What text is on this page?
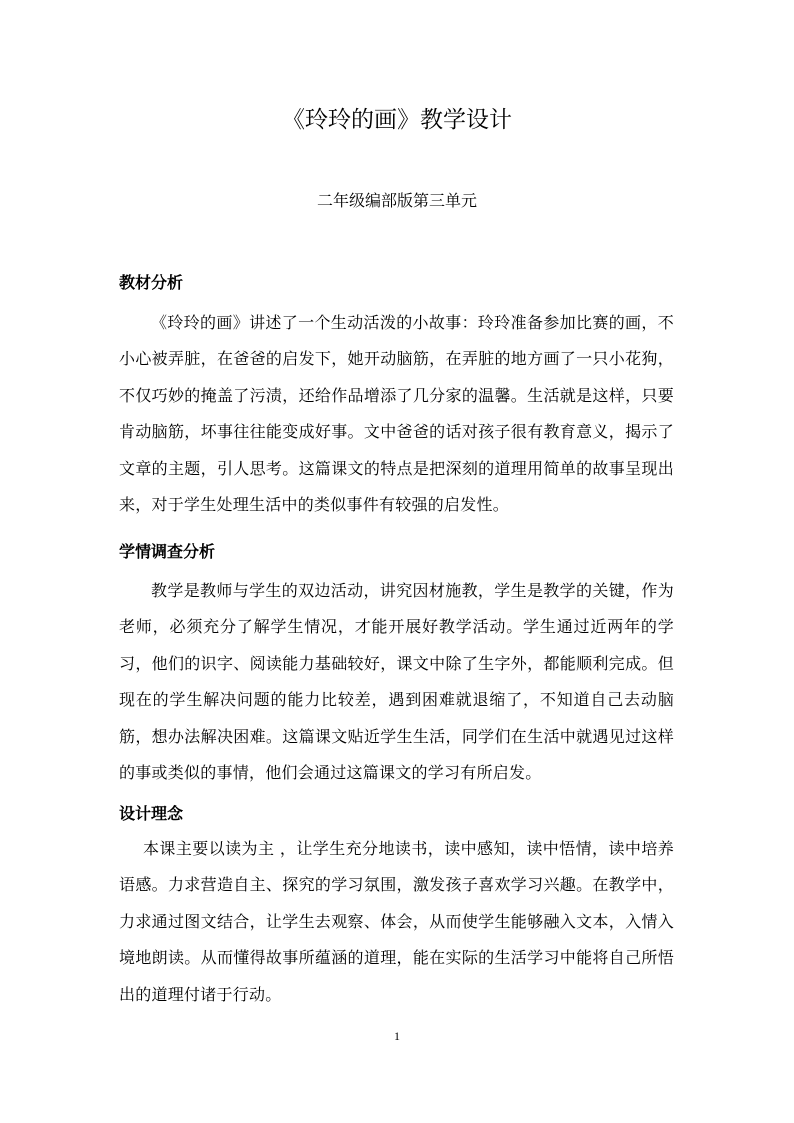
《玲玲的画》教学设计
二年级编部版第三单元
教材分析

《玲玲的画》讲述了一个生动活泼的小故事：玲玲准备参加比赛的画，不小心被弄脏，在爸爸的启发下，她开动脑筋，在弄脏的地方画了一只小花狗，不仅巧妙的掩盖了污渍，还给作品增添了几分家的温馨。生活就是这样，只要肯动脑筋，坏事往往能变成好事。文中爸爸的话对孩子很有教育意义，揭示了文章的主题，引人思考。这篇课文的特点是把深刻的道理用简单的故事呈现出来，对于学生处理生活中的类似事件有较强的启发性。

学情调查分析

教学是教师与学生的双边活动，讲究因材施教，学生是教学的关键，作为老师，必须充分了解学生情况，才能开展好教学活动。学生通过近两年的学习，他们的识字、阅读能力基础较好，课文中除了生字外，都能顺利完成。但现在的学生解决问题的能力比较差，遇到困难就退缩了，不知道自己去动脑筋，想办法解决困难。这篇课文贴近学生生活，同学们在生活中就遇见过这样的事或类似的事情，他们会通过这篇课文的学习有所启发。

设计理念

本课主要以读为主 ，让学生充分地读书，读中感知，读中悟情，读中培养语感。力求营造自主、探究的学习氛围，激发孩子喜欢学习兴趣。在教学中，力求通过图文结合，让学生去观察、体会，从而使学生能够融入文本，入情入境地朗读。从而懂得故事所蕴涵的道理，能在实际的生活学习中能将自己所悟出的道理付诸于行动。

1
